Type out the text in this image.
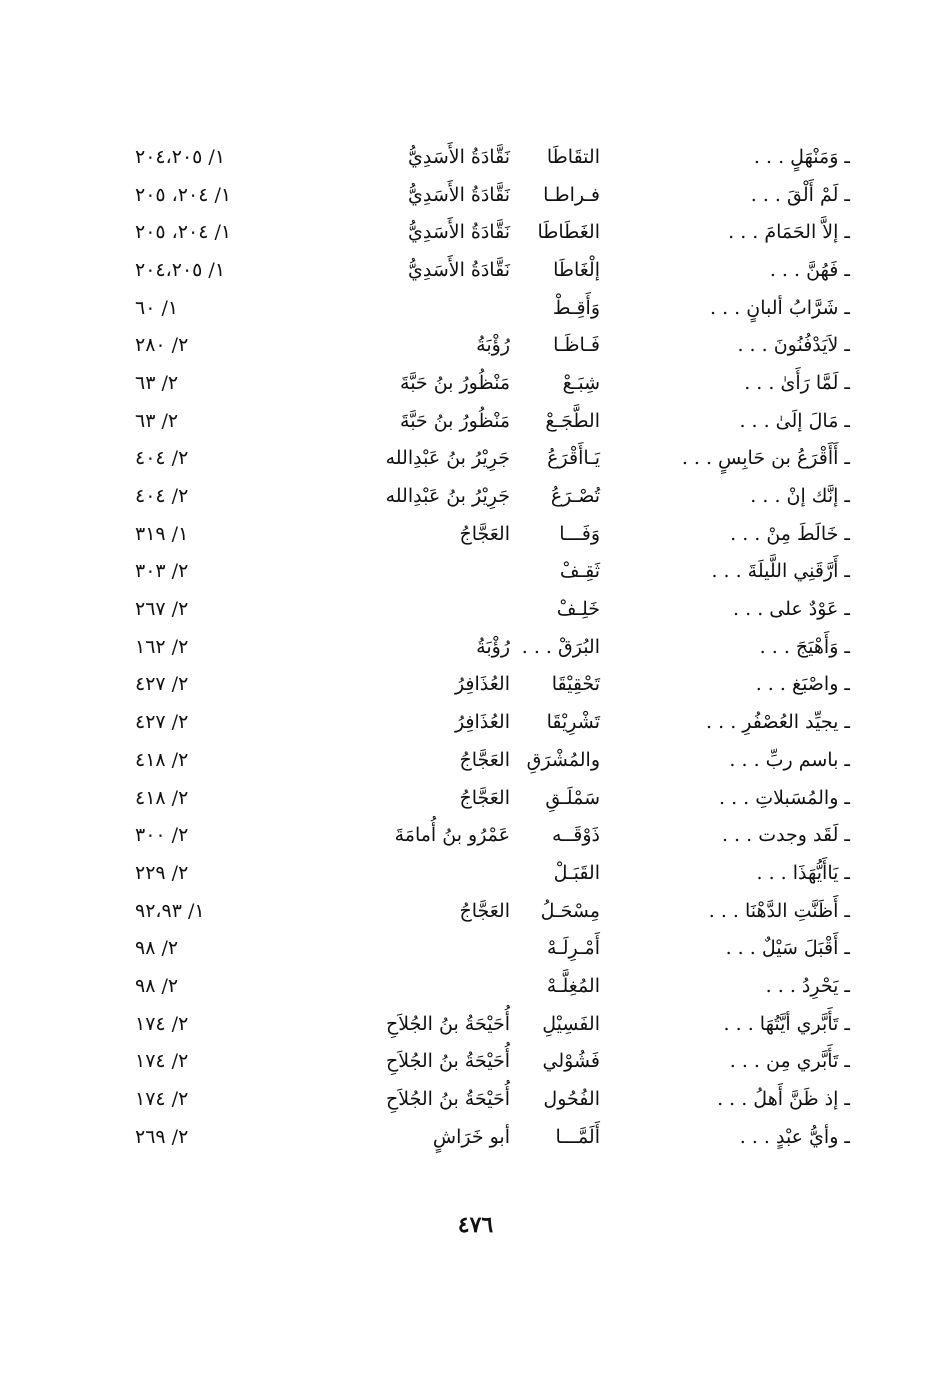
ـ وَمَنْهَلٍ . . .
التقَاطَا
نَقَّادَةُ الأَسَدِيُّ
١/ ٢٠٤،٢٠٥
ـ لَمْ أَلْقَ . . .
فـراطـا
نَقَّادَةُ الأَسَدِيُّ
١/ ٢٠٤، ٢٠٥
ـ إلاَّ الحَمَامَ . . .
الغَطَاطَا
نَقَّادَةُ الأَسَدِيُّ
١/ ٢٠٤، ٢٠٥
ـ فَهُنَّ . . .
إلْغَاطَا
نَقَّادَةُ الأَسَدِيُّ
١/ ٢٠٤،٢٠٥
ـ شَرَّابُ ألبانٍ . . .
وَأَقِـطْ
١/ ٦٠
ـ لاَيَدْفُنُونَ . . .
فَـاظَـا
رُؤْبَةُ
٢/ ٢٨٠
ـ لَمَّا رَأَىٰ . . .
شِبَـعْ
مَنْظُورُ بنُ حَبَّةَ
٢/ ٦٣
ـ مَالَ إلَىٰ . . .
الطَّجَـعْ
مَنْظُورُ بنُ حَبَّةَ
٢/ ٦٣
ـ أَأَقْرَعُ بن حَابِسٍ . . .
يَـاأَقْرَعُ
جَرِيْرُ بنُ عَبْدِالله
٢/ ٤٠٤
ـ إنَّك إنْ . . .
تُصْـرَعُ
جَرِيْرُ بنُ عَبْدِالله
٢/ ٤٠٤
ـ خَالَطَ مِنْ . . .
وَفَـــا
العَجَّاجُ
١/ ٣١٩
ـ أَرَّقَنِي اللَّيلَةَ . . .
ثَقِـفْ
٢/ ٣٠٣
ـ عَوْدٌ على . . .
خَلِـفْ
٢/ ٢٦٧
ـ وَأَهْيَجَ . . .
البُرَقْ . . .
رُؤْبَةُ
٢/ ١٦٢
ـ واصْبَغ . . .
تَحْقِيْقَا
العُذَافِرُ
٢/ ٤٢٧
ـ يجيِّد العُصْفُرِ . . .
تَشْرِيْقَا
العُذَافِرُ
٢/ ٤٢٧
ـ باسم ربِّ . . .
والمُشْرَقِ
العَجَّاجُ
٢/ ٤١٨
ـ والمُسَبلاتِ . . .
سَمْلَـقِ
العَجَّاجُ
٢/ ٤١٨
ـ لَقَد وجدت . . .
ذَوْقَــه
عَمْرُو بنُ أُمامَةَ
٢/ ٣٠٠
ـ يَاأَيُّهَذَا . . .
القَبَـلْ
٢/ ٢٢٩
ـ أَظَنَّتِ الدَّهْنَا . . .
مِسْحَـلُ
العَجَّاجُ
١/ ٩٢،٩٣
ـ أَقْبَلَ سَيْلٌ . . .
أَمْـرِلَـهْ
٢/ ٩٨
ـ يَحْرِدُ . . .
المُغِلَّـهْ
٢/ ٩٨
ـ تَأَبَّري أيَّتُهَا . . .
الفَسِيْلِ
أُحَيْحَةُ بنُ الجُلاَحِ
٢/ ١٧٤
ـ تَأَبَّري مِن . . .
فَشُوْلي
أُحَيْحَةُ بنُ الجُلاَحِ
٢/ ١٧٤
ـ إذ ظَنَّ أَهلُ . . .
الفُحُول
أُحَيْحَةُ بنُ الجُلاَحِ
٢/ ١٧٤
ـ وأيُّ عبْدٍ . . .
أَلَمَّـــا
أبو خَرَاشٍ
٢/ ٢٦٩
٤٧٦
